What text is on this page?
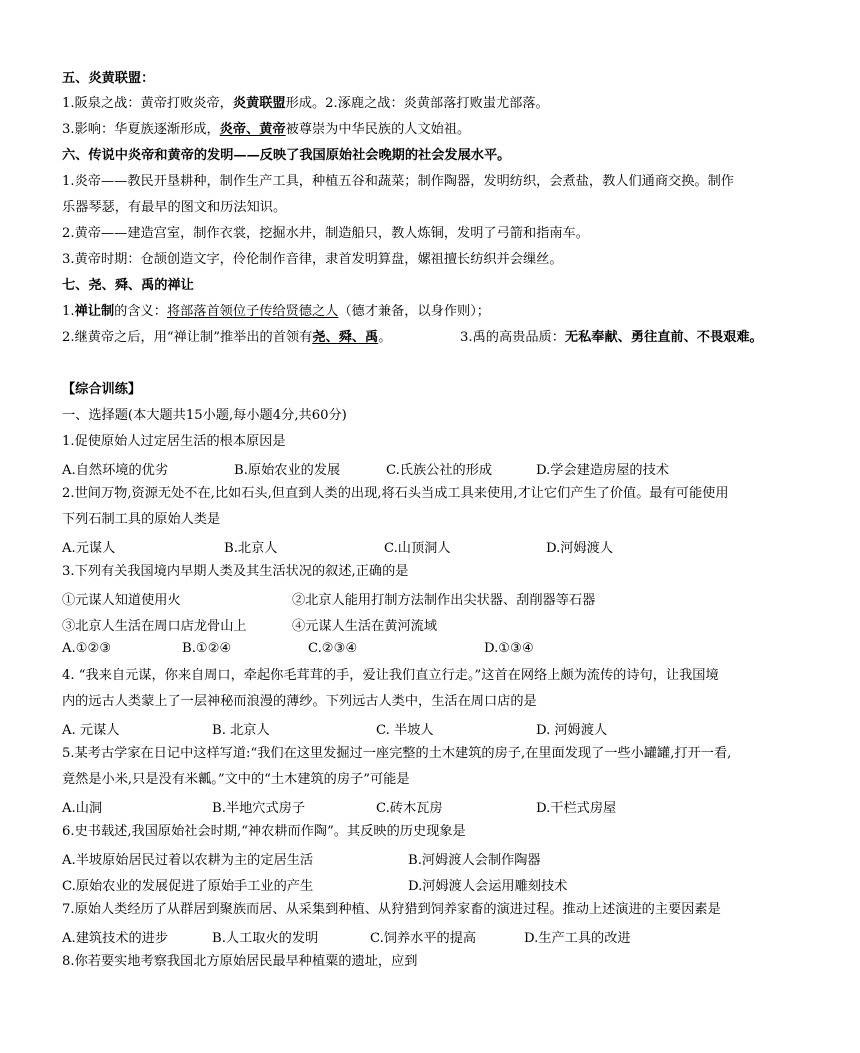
五、炎黄联盟：
1.阪泉之战：黄帝打败炎帝，炎黄联盟形成。2.涿鹿之战：炎黄部落打败蚩尤部落。
3.影响：华夏族逐渐形成，炎帝、黄帝被尊崇为中华民族的人文始祖。
六、传说中炎帝和黄帝的发明——反映了我国原始社会晚期的社会发展水平。
1.炎帝——教民开垦耕种，制作生产工具，种植五谷和蔬菜；制作陶器，发明纺织，会煮盐，教人们通商交换。制作
乐器琴瑟，有最早的图文和历法知识。
2.黄帝——建造宫室，制作衣裳，挖掘水井，制造船只，教人炼铜，发明了弓箭和指南车。
3.黄帝时期：仓颉创造文字，伶伦制作音律，隶首发明算盘，嫘祖擅长纺织并会缫丝。
七、尧、舜、禹的禅让
1.禅让制的含义：将部落首领位子传给贤德之人（德才兼备，以身作则）；
2.继黄帝之后，用“禅让制”推举出的首领有尧、舜、禹。	3.禹的高贵品质：无私奉献、勇往直前、不畏艰难。
【综合训练】
一、选择题(本大题共15小题,每小题4分,共60分)
1.促使原始人过定居生活的根本原因是
A.自然环境的优劣	B.原始农业的发展	C.氏族公社的形成	D.学会建造房屋的技术
2.世间万物,资源无处不在,比如石头,但直到人类的出现,将石头当成工具来使用,才让它们产生了价值。最有可能使用
下列石制工具的原始人类是
A.元谋人	B.北京人	C.山顶洞人	D.河姆渡人
3.下列有关我国境内早期人类及其生活状况的叙述,正确的是
①元谋人知道使用火	②北京人能用打制方法制作出尖状器、刮削器等石器
③北京人生活在周口店龙骨山上	④元谋人生活在黄河流域
A.①②③	B.①②④	C.②③④	D.①③④
4. “我来自元谋，你来自周口，牵起你毛茸茸的手，爱让我们直立行走。”这首在网络上颇为流传的诗句，让我国境
内的远古人类蒙上了一层神秘而浪漫的薄纱。下列远古人类中，生活在周口店的是
A. 元谋人	B. 北京人	C. 半坡人	D. 河姆渡人
5.某考古学家在日记中这样写道:“我们在这里发掘过一座完整的土木建筑的房子,在里面发现了一些小罐罐,打开一看,
竟然是小米,只是没有米瓤。”文中的“土木建筑的房子”可能是
A.山洞	B.半地穴式房子	C.砖木瓦房	D.干栏式房屋
6.史书载述,我国原始社会时期,“神农耕而作陶”。其反映的历史现象是
A.半坡原始居民过着以农耕为主的定居生活	B.河姆渡人会制作陶器
C.原始农业的发展促进了原始手工业的产生	D.河姆渡人会运用雕刻技术
7.原始人类经历了从群居到聚族而居、从采集到种植、从狩猎到饲养家畜的演进过程。推动上述演进的主要因素是
A.建筑技术的进步	B.人工取火的发明	C.饲养水平的提高	D.生产工具的改进
8.你若要实地考察我国北方原始居民最早种植粟的遗址，应到
